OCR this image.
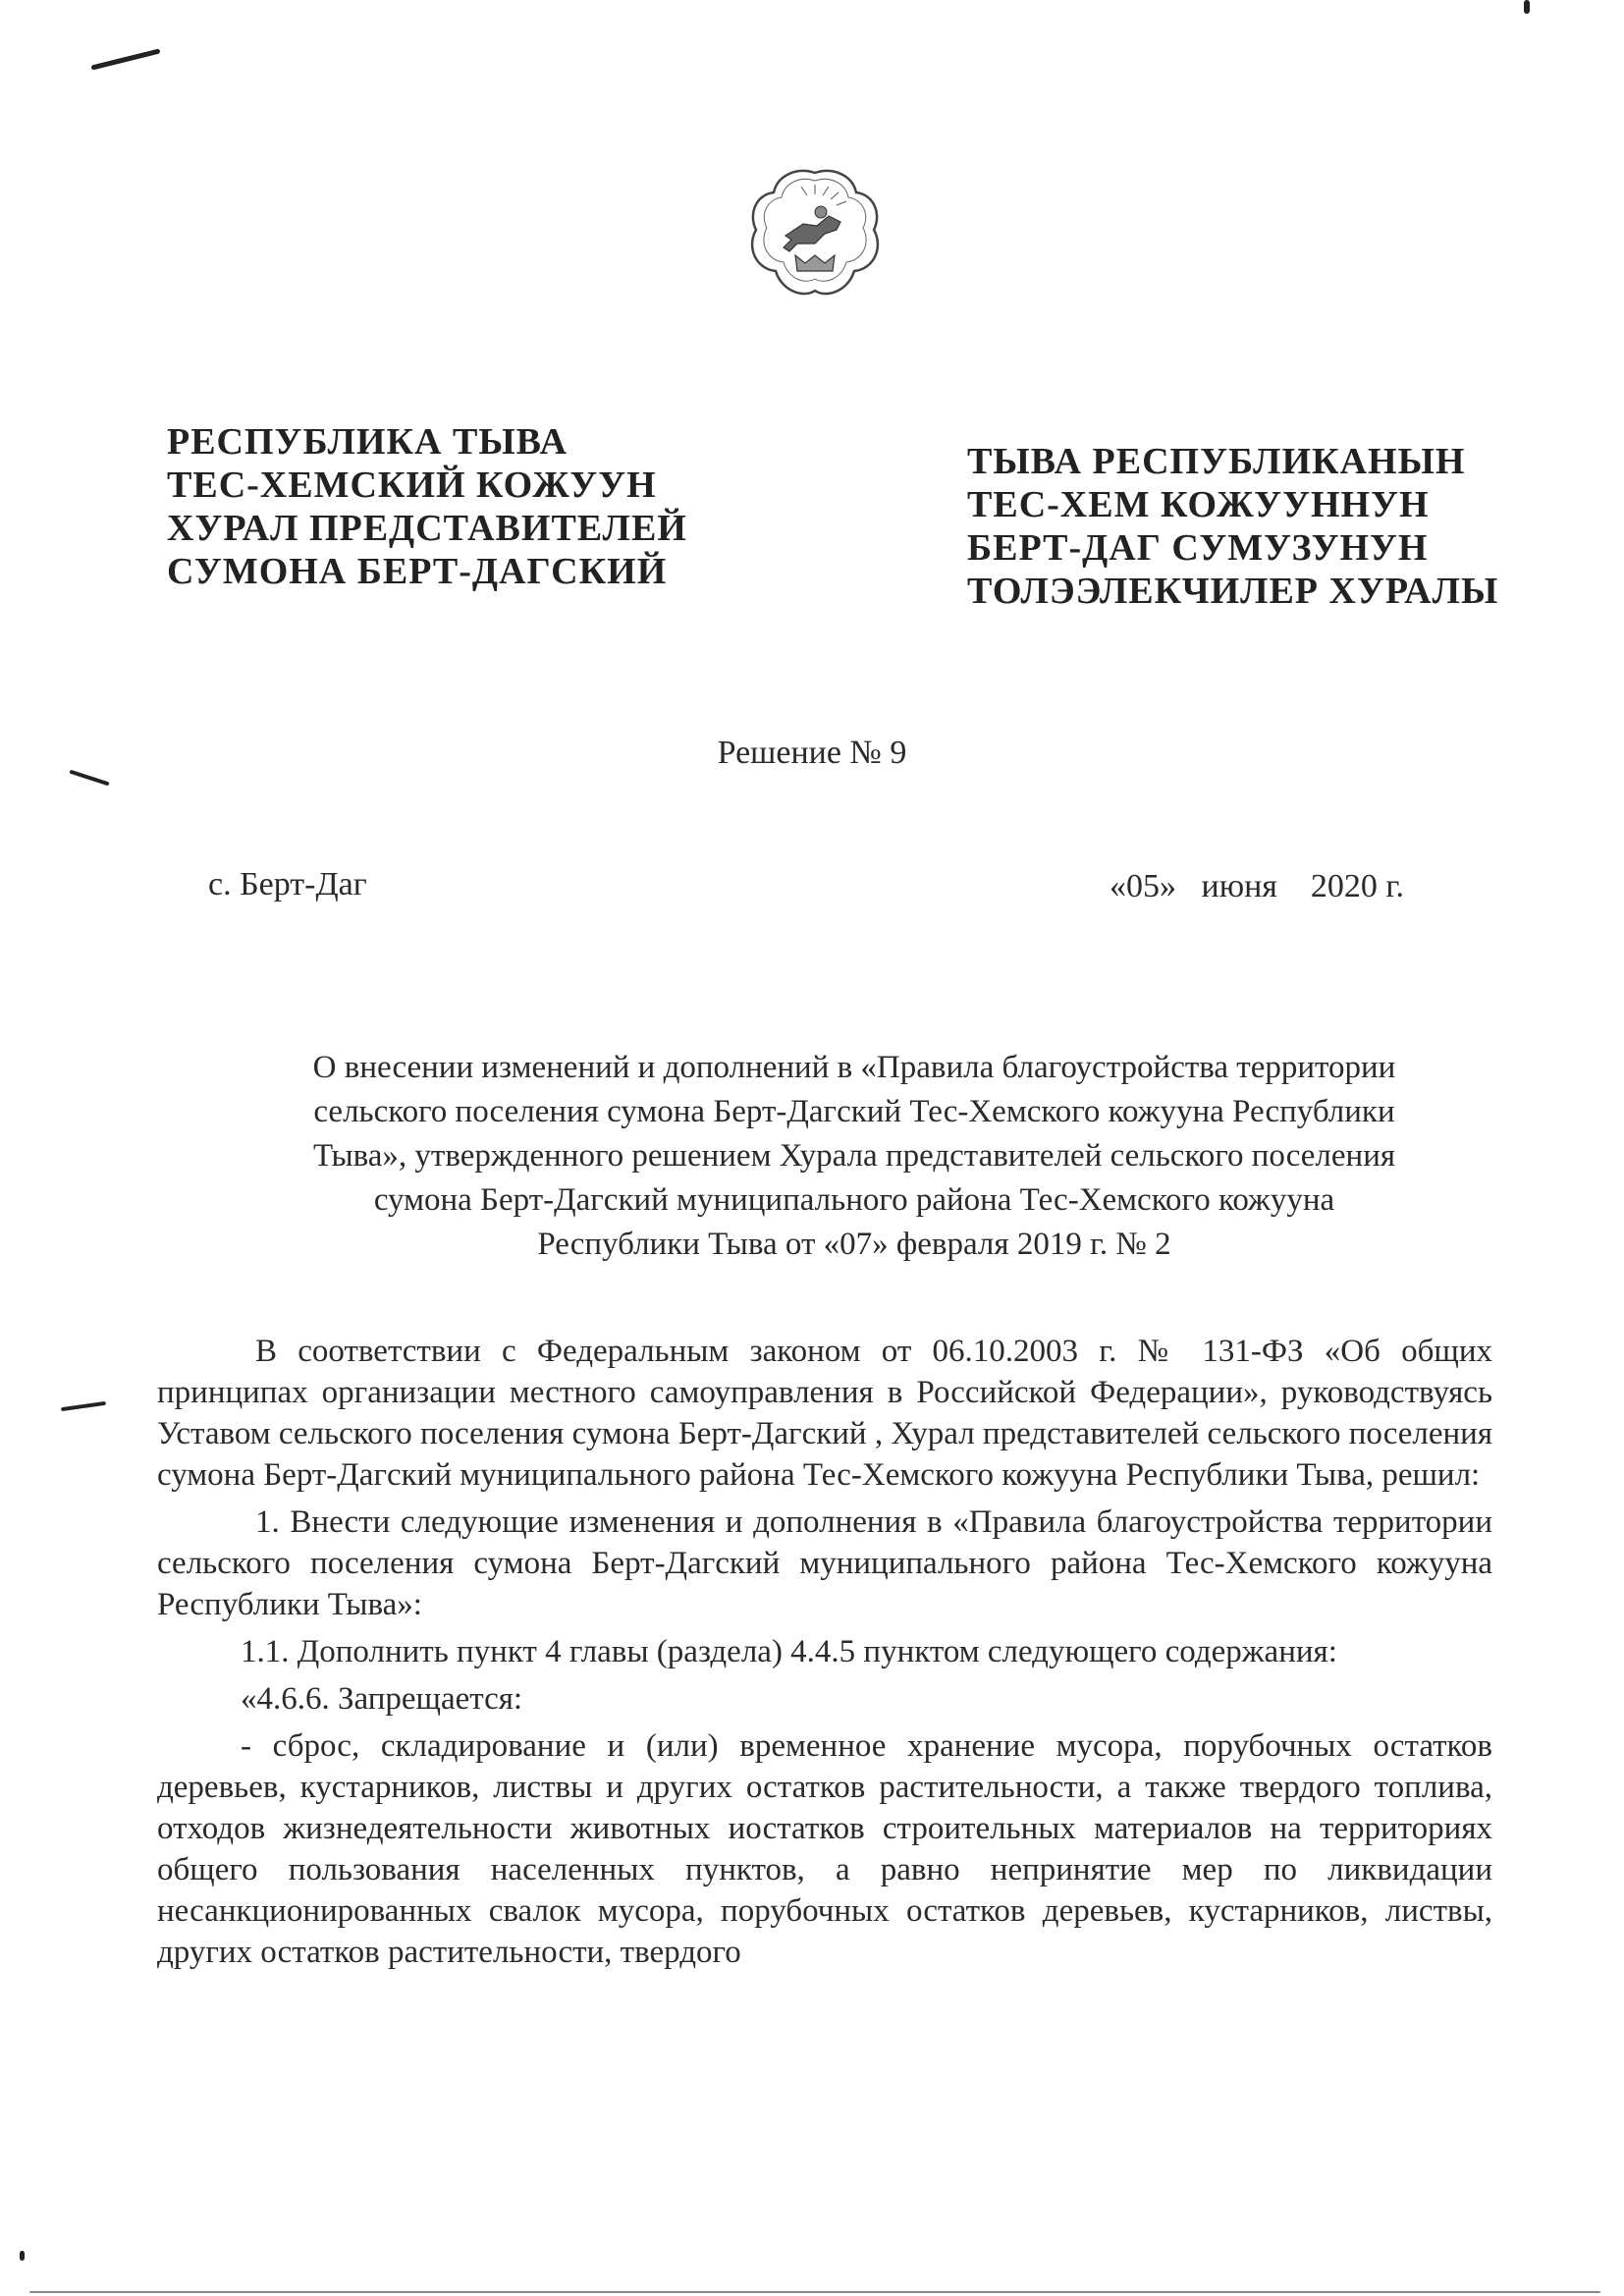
РЕСПУБЛИКА ТЫВА
ТЕС-ХЕМСКИЙ КОЖУУН
ХУРАЛ ПРЕДСТАВИТЕЛЕЙ
СУМОНА БЕРТ-ДАГСКИЙ
ТЫВА РЕСПУБЛИКАНЫН
ТЕС-ХЕМ КОЖУУННУН
БЕРТ-ДАГ СУМУЗУНУН
ТОЛЭЭЛЕКЧИЛЕР ХУРАЛЫ
Решение № 9
с. Берт-Даг	«05»   июня    2020 г.
О внесении изменений и дополнений в «Правила благоустройства территории
сельского поселения сумона Берт-Дагский Тес-Хемского кожууна Республики
Тыва», утвержденного решением Хурала представителей сельского поселения
сумона Берт-Дагский муниципального района Тес-Хемского кожууна
Республики Тыва от «07» февраля 2019 г. № 2

В соответствии с Федеральным законом от 06.10.2003 г. № 131-ФЗ «Об общих принципах организации местного самоуправления в Российской Федерации», руководствуясь Уставом сельского поселения сумона Берт-Дагский , Хурал представителей сельского поселения сумона Берт-Дагский муниципального района Тес-Хемского кожууна Республики Тыва, решил:

1. Внести следующие изменения и дополнения в «Правила благоустройства территории сельского поселения сумона Берт-Дагский муниципального района Тес-Хемского кожууна Республики Тыва»:

1.1. Дополнить пункт 4 главы (раздела) 4.4.5 пунктом следующего содержания:

«4.6.6. Запрещается:

- сброс, складирование и (или) временное хранение мусора, порубочных остатков деревьев, кустарников, листвы и других остатков растительности, а также твердого топлива, отходов жизнедеятельности животных иостатков строительных материалов на территориях общего пользования населенных пунктов, а равно непринятие мер по ликвидации несанкционированных свалок мусора, порубочных остатков деревьев, кустарников, листвы, других остатков растительности, твердого
